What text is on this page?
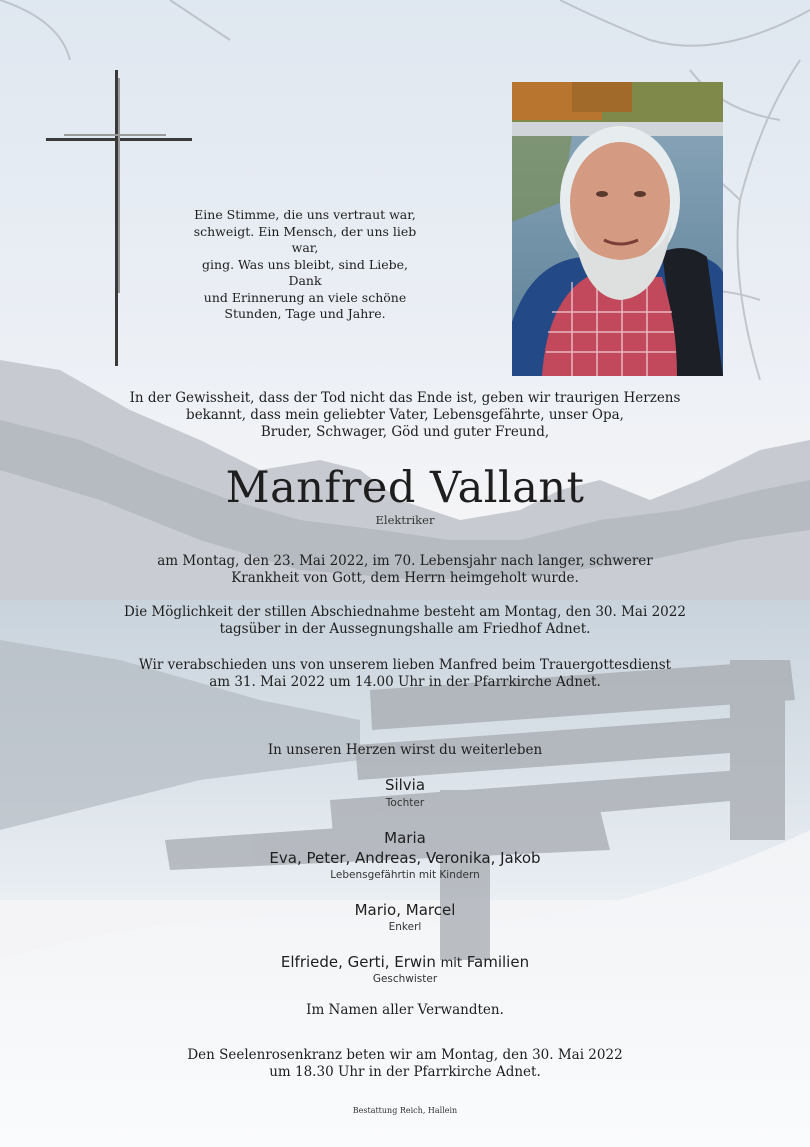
Eine Stimme, die uns vertraut war,
schweigt. Ein Mensch, der uns lieb war,
ging. Was uns bleibt, sind Liebe, Dank
und Erinnerung an viele schöne
Stunden, Tage und Jahre.
In der Gewissheit, dass der Tod nicht das Ende ist, geben wir traurigen Herzens
bekannt, dass mein geliebter Vater, Lebensgefährte, unser Opa,
Bruder, Schwager, Göd und guter Freund,
Manfred Vallant
Elektriker
am Montag, den 23. Mai 2022, im 70. Lebensjahr nach langer, schwerer
Krankheit von Gott, dem Herrn heimgeholt wurde.
Die Möglichkeit der stillen Abschiednahme besteht am Montag, den 30. Mai 2022
tagsüber in der Aussegnungshalle am Friedhof Adnet.
Wir verabschieden uns von unserem lieben Manfred beim Trauergottesdienst
am 31. Mai 2022 um 14.00 Uhr in der Pfarrkirche Adnet.
In unseren Herzen wirst du weiterleben
Silvia
Tochter
Maria
Eva, Peter, Andreas, Veronika, Jakob
Lebensgefährtin mit Kindern
Mario, Marcel
Enkerl
Elfriede, Gerti, Erwin mit Familien
Geschwister
Im Namen aller Verwandten.
Den Seelenrosenkranz beten wir am Montag, den 30. Mai 2022
um 18.30 Uhr in der Pfarrkirche Adnet.
Bestattung Reich, Hallein
